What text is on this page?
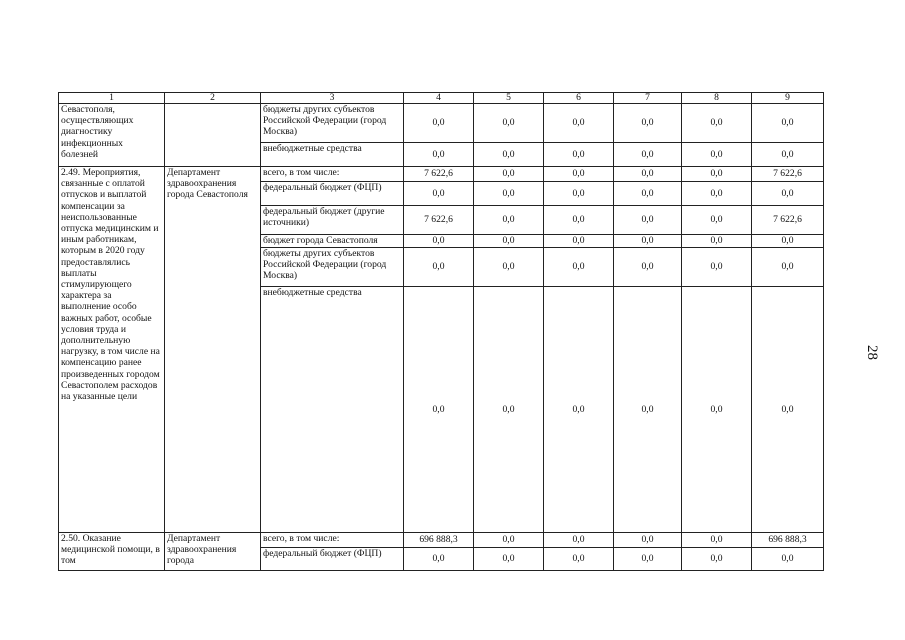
1	2	3	4	5	6	7	8	9
Севастополя, осуществляющих диагностику инфекционных болезней		бюджеты других субъектов Российской Федерации (город Москва)	0,0	0,0	0,0	0,0	0,0	0,0
		внебюджетные средства	0,0	0,0	0,0	0,0	0,0	0,0
2.49. Мероприятия, связанные с оплатой отпусков и выплатой компенсации за неиспользованные отпуска медицинским и иным работникам, которым в 2020 году предоставлялись выплаты стимулирующего характера за выполнение особо важных работ, особые условия труда и дополнительную нагрузку, в том числе на компенсацию ранее произведенных городом Севастополем расходов на указанные цели	Департамент здравоохранения города Севастополя	всего, в том числе:	7 622,6	0,0	0,0	0,0	0,0	7 622,6
		федеральный бюджет (ФЦП)	0,0	0,0	0,0	0,0	0,0	0,0
		федеральный бюджет (другие источники)	7 622,6	0,0	0,0	0,0	0,0	7 622,6
		бюджет города Севастополя	0,0	0,0	0,0	0,0	0,0	0,0
		бюджеты других субъектов Российской Федерации (город Москва)	0,0	0,0	0,0	0,0	0,0	0,0
		внебюджетные средства	0,0	0,0	0,0	0,0	0,0	0,0
2.50. Оказание медицинской помощи, в том	Департамент здравоохранения города	всего, в том числе:	696 888,3	0,0	0,0	0,0	0,0	696 888,3
		федеральный бюджет (ФЦП)	0,0	0,0	0,0	0,0	0,0	0,0
28
